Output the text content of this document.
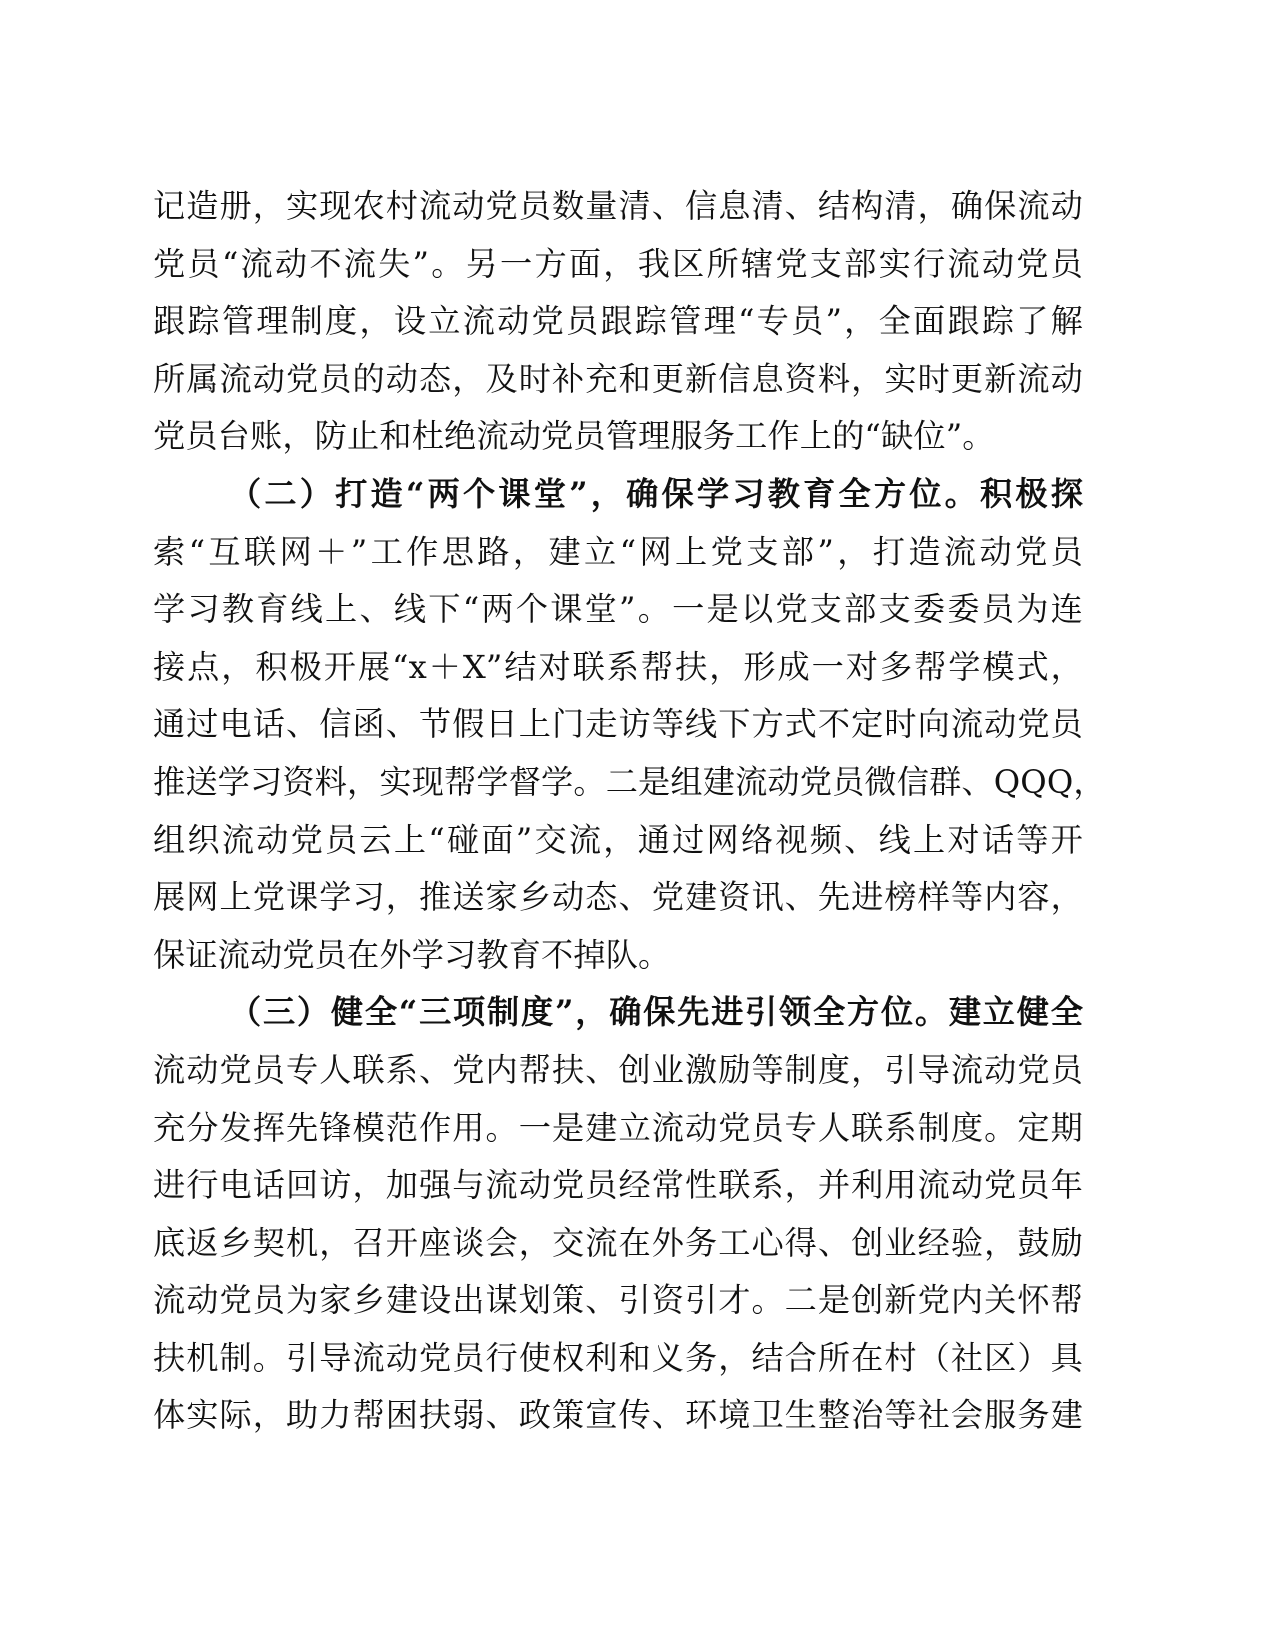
记造册，实现农村流动党员数量清、信息清、结构清，确保流动
党员“流动不流失”。另一方面，我区所辖党支部实行流动党员
跟踪管理制度，设立流动党员跟踪管理“专员”，全面跟踪了解
所属流动党员的动态，及时补充和更新信息资料，实时更新流动
党员台账，防止和杜绝流动党员管理服务工作上的“缺位”。
（二）打造“两个课堂”，确保学习教育全方位。积极探
索“互联网＋”工作思路，建立“网上党支部”，打造流动党员
学习教育线上、线下“两个课堂”。一是以党支部支委委员为连
接点，积极开展“x＋X”结对联系帮扶，形成一对多帮学模式，
通过电话、信函、节假日上门走访等线下方式不定时向流动党员
推送学习资料，实现帮学督学。二是组建流动党员微信群、QQQ，
组织流动党员云上“碰面”交流，通过网络视频、线上对话等开
展网上党课学习，推送家乡动态、党建资讯、先进榜样等内容，
保证流动党员在外学习教育不掉队。
（三）健全“三项制度”，确保先进引领全方位。建立健全
流动党员专人联系、党内帮扶、创业激励等制度，引导流动党员
充分发挥先锋模范作用。一是建立流动党员专人联系制度。定期
进行电话回访，加强与流动党员经常性联系，并利用流动党员年
底返乡契机，召开座谈会，交流在外务工心得、创业经验，鼓励
流动党员为家乡建设出谋划策、引资引才。二是创新党内关怀帮
扶机制。引导流动党员行使权利和义务，结合所在村（社区）具
体实际，助力帮困扶弱、政策宣传、环境卫生整治等社会服务建
